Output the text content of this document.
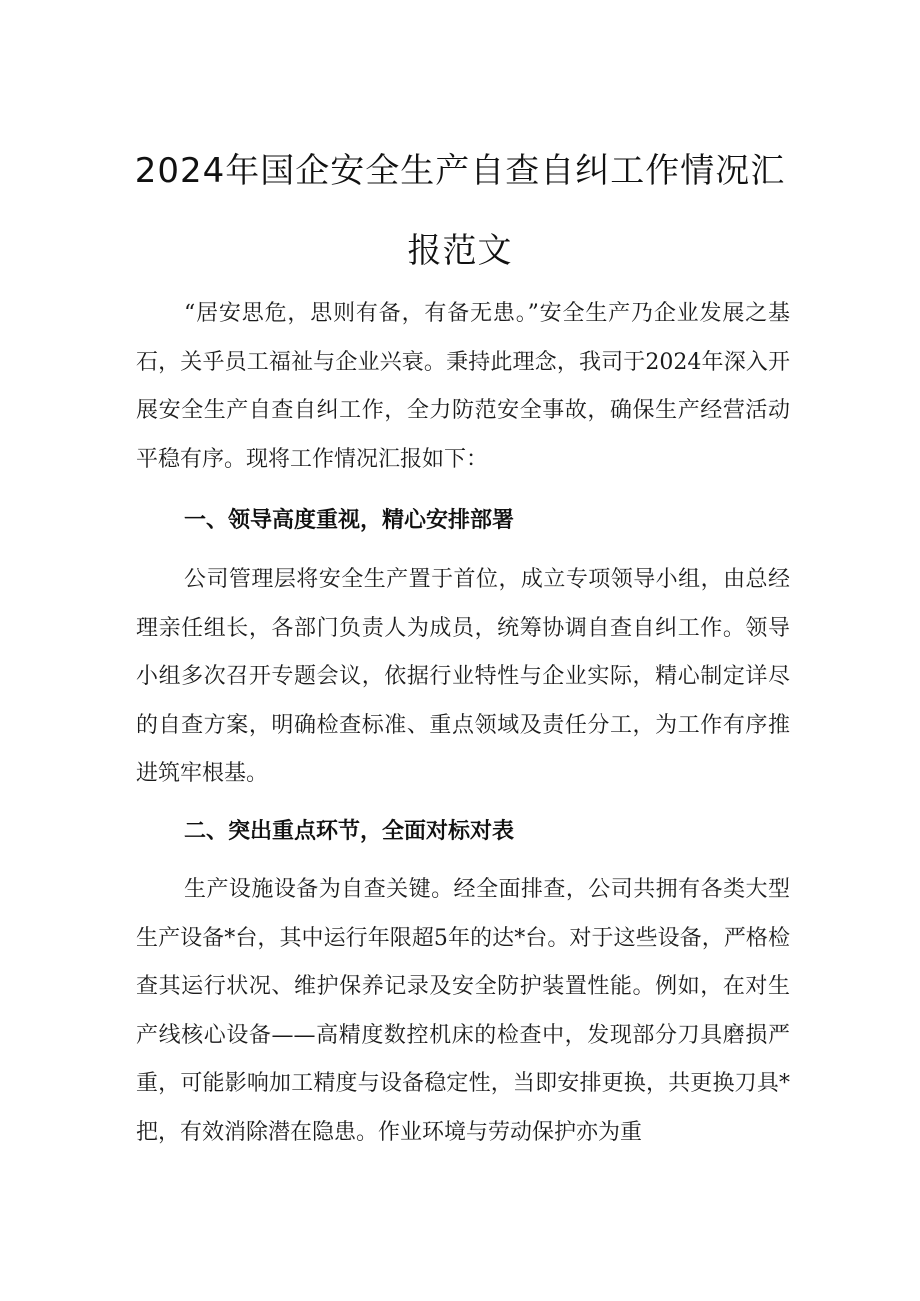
2024年国企安全生产自查自纠工作情况汇
报范文

“居安思危，思则有备，有备无患。”安全生产乃企业发展之基石，关乎员工福祉与企业兴衰。秉持此理念，我司于2024年深入开展安全生产自查自纠工作，全力防范安全事故，确保生产经营活动平稳有序。现将工作情况汇报如下：

一、领导高度重视，精心安排部署

公司管理层将安全生产置于首位，成立专项领导小组，由总经理亲任组长，各部门负责人为成员，统筹协调自查自纠工作。领导小组多次召开专题会议，依据行业特性与企业实际，精心制定详尽的自查方案，明确检查标准、重点领域及责任分工，为工作有序推进筑牢根基。

二、突出重点环节，全面对标对表

生产设施设备为自查关键。经全面排查，公司共拥有各类大型生产设备*台，其中运行年限超5年的达*台。对于这些设备，严格检查其运行状况、维护保养记录及安全防护装置性能。例如，在对生产线核心设备——高精度数控机床的检查中，发现部分刀具磨损严重，可能影响加工精度与设备稳定性，当即安排更换，共更换刀具*把，有效消除潜在隐患。作业环境与劳动保护亦为重
